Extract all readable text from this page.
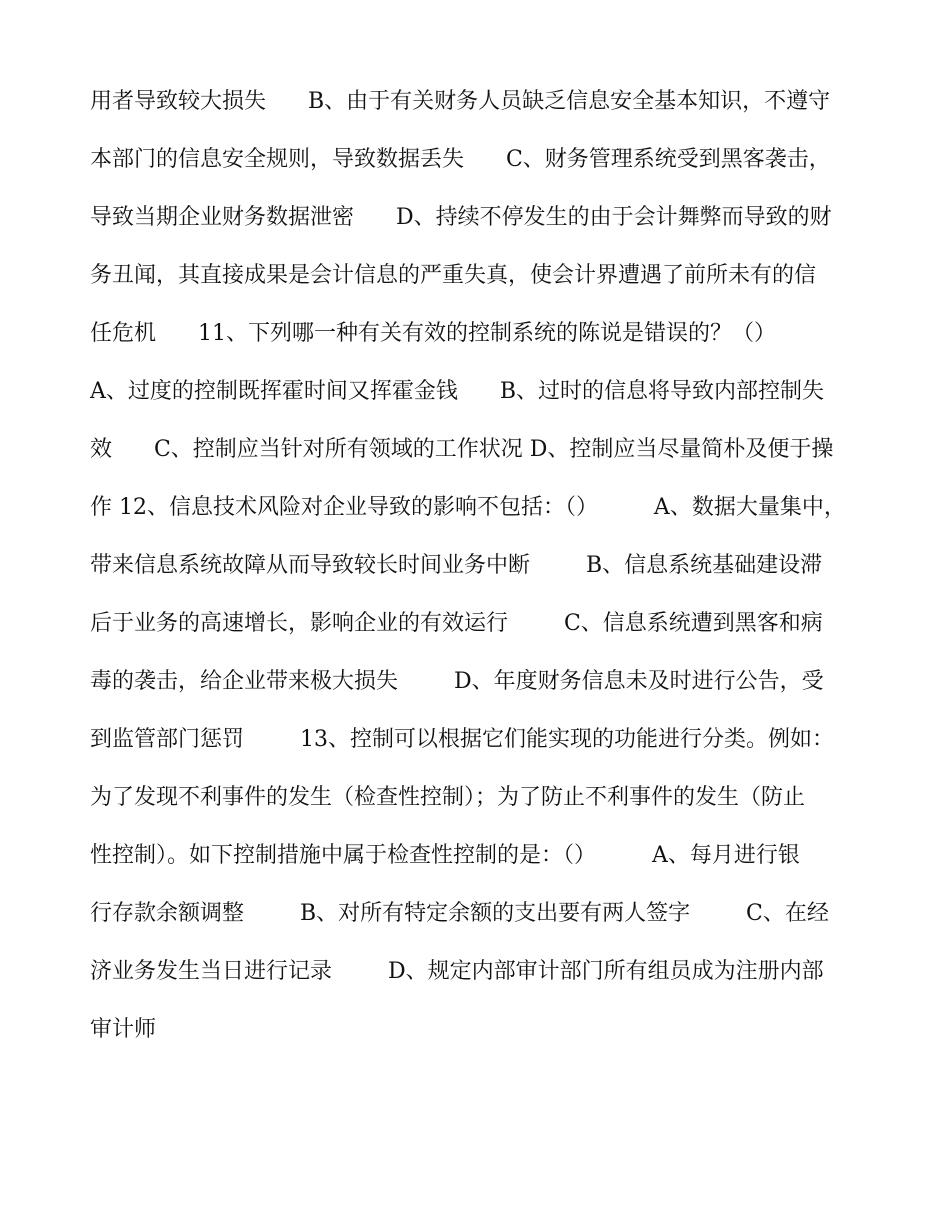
用者导致较大损失      B、由于有关财务人员缺乏信息安全基本知识，不遵守
本部门的信息安全规则，导致数据丢失      C、财务管理系统受到黑客袭击，
导致当期企业财务数据泄密      D、持续不停发生的由于会计舞弊而导致的财
务丑闻，其直接成果是会计信息的严重失真，使会计界遭遇了前所未有的信
任危机      11、下列哪一种有关有效的控制系统的陈说是错误的？（）
A、过度的控制既挥霍时间又挥霍金钱      B、过时的信息将导致内部控制失
效      C、控制应当针对所有领域的工作状况 D、控制应当尽量简朴及便于操
作 12、信息技术风险对企业导致的影响不包括：（）        A、数据大量集中，
带来信息系统故障从而导致较长时间业务中断        B、信息系统基础建设滞
后于业务的高速增长，影响企业的有效运行        C、信息系统遭到黑客和病
毒的袭击，给企业带来极大损失        D、年度财务信息未及时进行公告，受
到监管部门惩罚        13、控制可以根据它们能实现的功能进行分类。例如：
为了发现不利事件的发生（检查性控制）；为了防止不利事件的发生（防止
性控制）。如下控制措施中属于检查性控制的是：（）        A、每月进行银
行存款余额调整        B、对所有特定余额的支出要有两人签字        C、在经
济业务发生当日进行记录        D、规定内部审计部门所有组员成为注册内部
审计师
